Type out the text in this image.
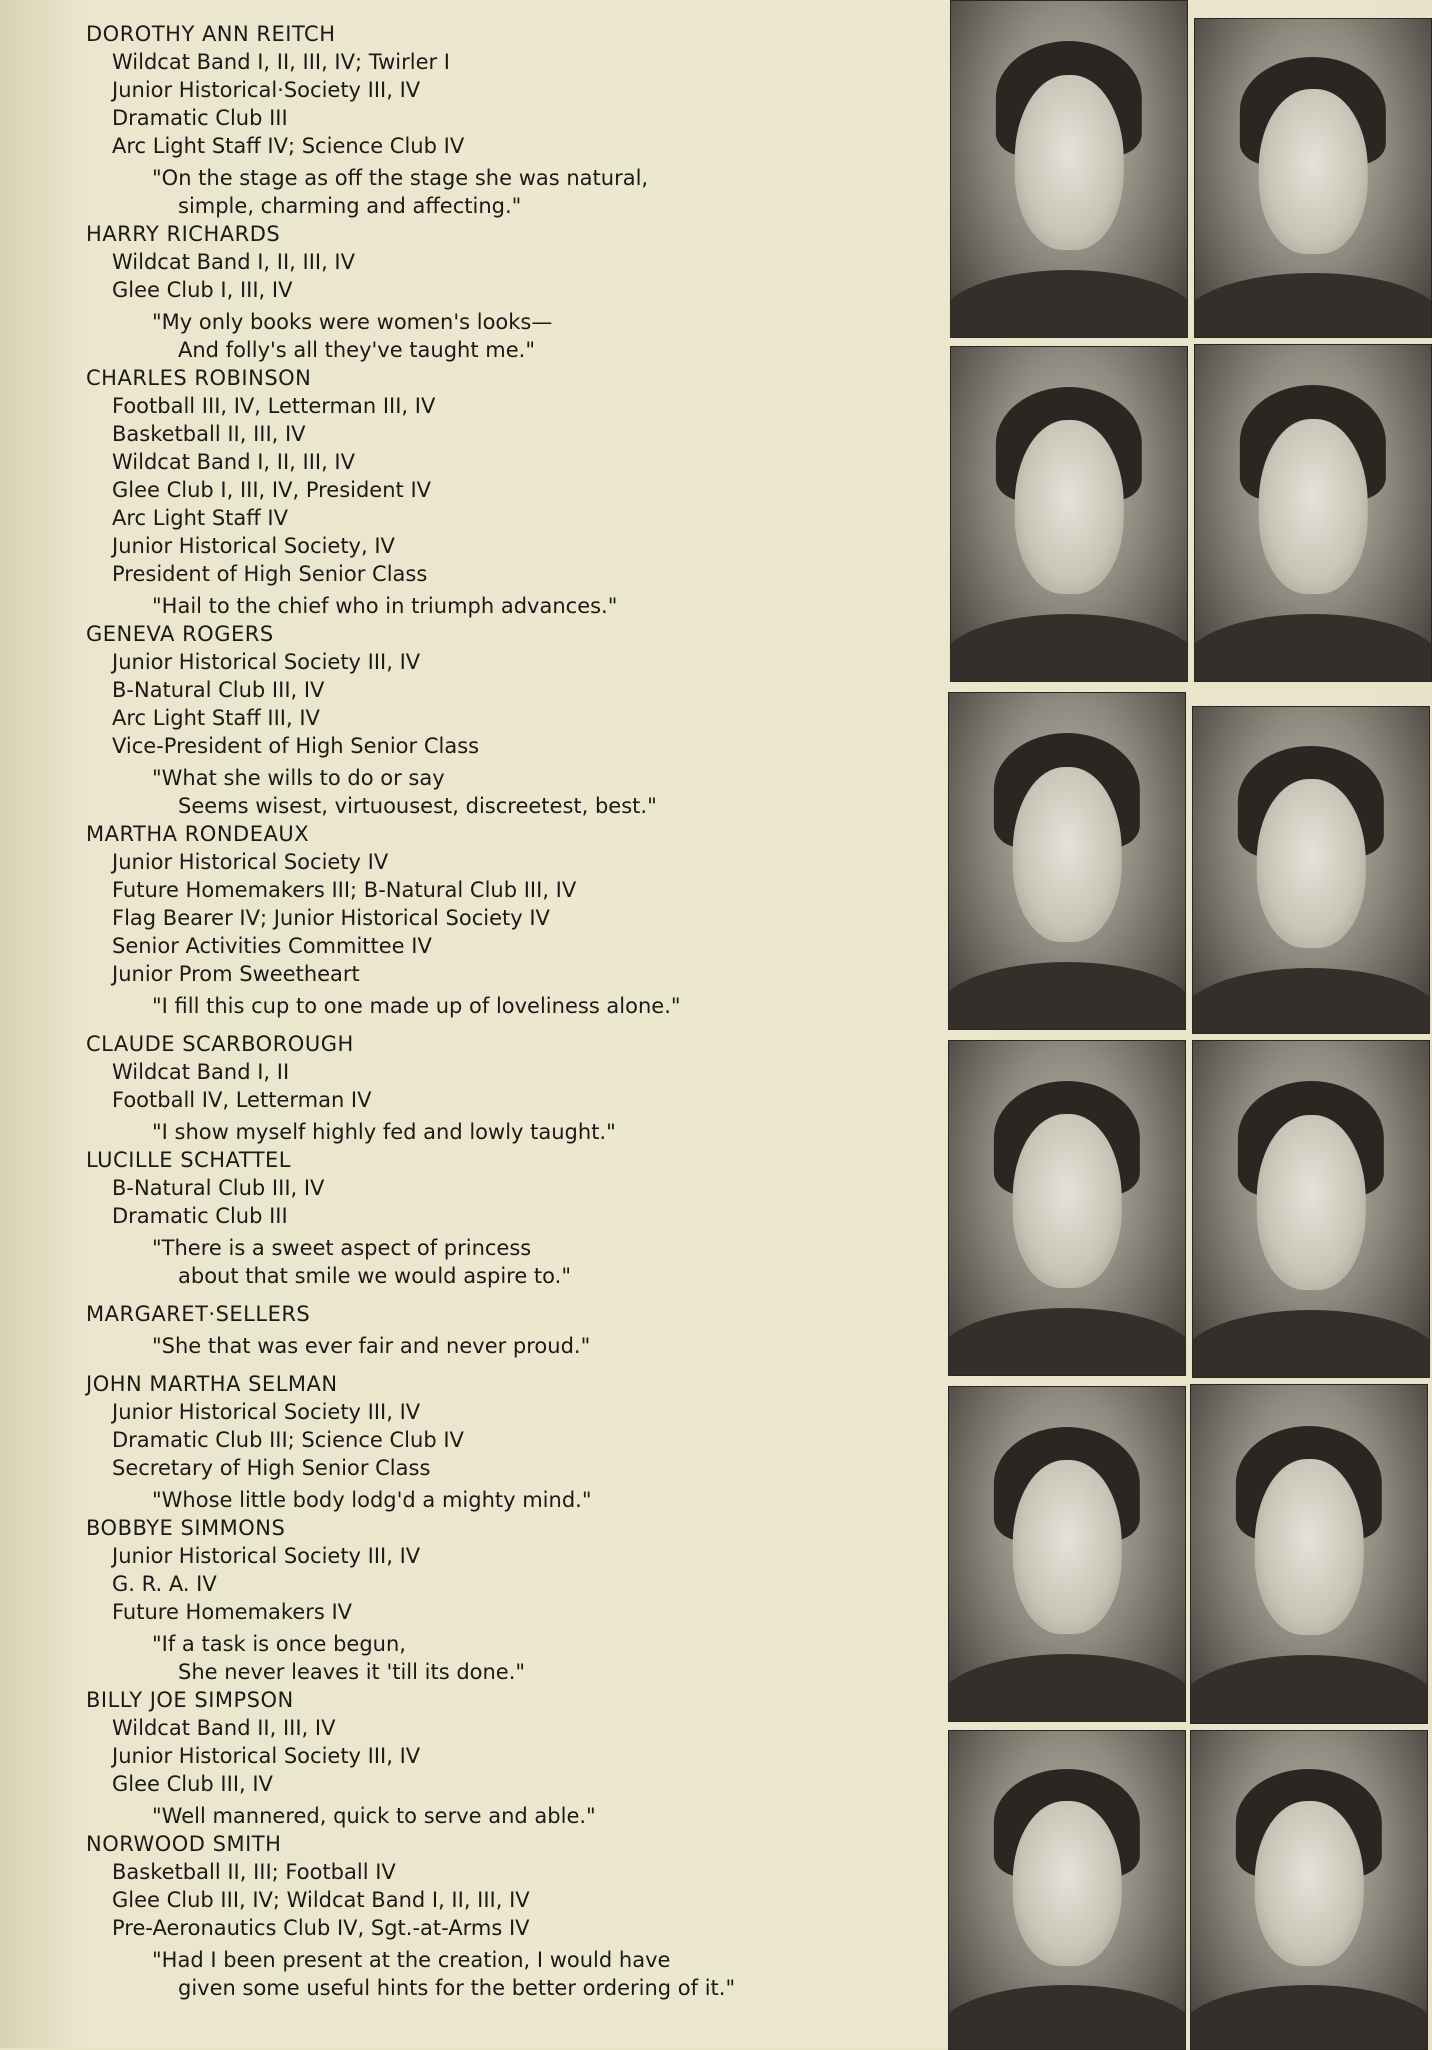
DOROTHY ANN REITCH
Wildcat Band I, II, III, IV; Twirler I
Junior Historical·Society III, IV
Dramatic Club III
Arc Light Staff IV; Science Club IV
"On the stage as off the stage she was natural,
simple, charming and affecting."
HARRY RICHARDS
Wildcat Band I, II, III, IV
Glee Club I, III, IV
"My only books were women's looks—
And folly's all they've taught me."
CHARLES ROBINSON
Football III, IV, Letterman III, IV
Basketball II, III, IV
Wildcat Band I, II, III, IV
Glee Club I, III, IV, President IV
Arc Light Staff IV
Junior Historical Society, IV
President of High Senior Class
"Hail to the chief who in triumph advances."
GENEVA ROGERS
Junior Historical Society III, IV
B-Natural Club III, IV
Arc Light Staff III, IV
Vice-President of High Senior Class
"What she wills to do or say
Seems wisest, virtuousest, discreetest, best."
MARTHA RONDEAUX
Junior Historical Society IV
Future Homemakers III; B-Natural Club III, IV
Flag Bearer IV; Junior Historical Society IV
Senior Activities Committee IV
Junior Prom Sweetheart
"I fill this cup to one made up of loveliness alone."
CLAUDE SCARBOROUGH
Wildcat Band I, II
Football IV, Letterman IV
"I show myself highly fed and lowly taught."
LUCILLE SCHATTEL
B-Natural Club III, IV
Dramatic Club III
"There is a sweet aspect of princess
about that smile we would aspire to."
MARGARET·SELLERS
"She that was ever fair and never proud."
JOHN MARTHA SELMAN
Junior Historical Society III, IV
Dramatic Club III; Science Club IV
Secretary of High Senior Class
"Whose little body lodg'd a mighty mind."
BOBBYE SIMMONS
Junior Historical Society III, IV
G. R. A. IV
Future Homemakers IV
"If a task is once begun,
She never leaves it 'till its done."
BILLY JOE SIMPSON
Wildcat Band II, III, IV
Junior Historical Society III, IV
Glee Club III, IV
"Well mannered, quick to serve and able."
NORWOOD SMITH
Basketball II, III; Football IV
Glee Club III, IV; Wildcat Band I, II, III, IV
Pre-Aeronautics Club IV, Sgt.-at-Arms IV
"Had I been present at the creation, I would have
given some useful hints for the better ordering of it."
